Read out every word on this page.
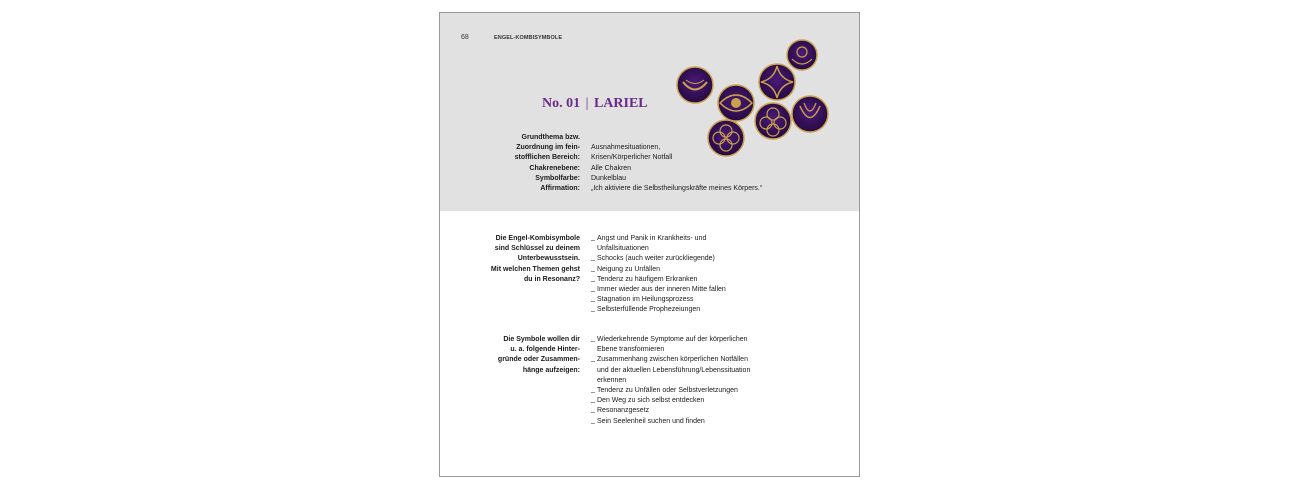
68	ENGEL-KOMBISYMBOLE
No. 01 | LARIEL
Grundthema bzw.
Zuordnung im fein-
stofflichen Bereich:
Chakrenebene:
Symbolfarbe:
Affirmation:

Ausnahmesituationen,
Krisen/Körperlicher Notfall
Alle Chakren
Dunkelblau
„Ich aktiviere die Selbstheilungskräfte meines Körpers.“
Die Engel-Kombisymbole
sind Schlüssel zu deinem
Unterbewusstsein.
Mit welchen Themen gehst
du in Resonanz?
_ Angst und Panik in Krankheits- und
Unfallsituationen
_ Schocks (auch weiter zurückliegende)
_ Neigung zu Unfällen
_ Tendenz zu häufigem Erkranken
_ Immer wieder aus der inneren Mitte fallen
_ Stagnation im Heilungsprozess
_ Selbsterfüllende Prophezeiungen
Die Symbole wollen dir
u. a. folgende Hinter-
gründe oder Zusammen-
hänge aufzeigen:
_ Wiederkehrende Symptome auf der körperlichen
Ebene transformieren
_ Zusammenhang zwischen körperlichen Notfällen
und der aktuellen Lebensführung/Lebenssituation
erkennen
_ Tendenz zu Unfällen oder Selbstverletzungen
_ Den Weg zu sich selbst entdecken
_ Resonanzgesetz
_ Sein Seelenheil suchen und finden
